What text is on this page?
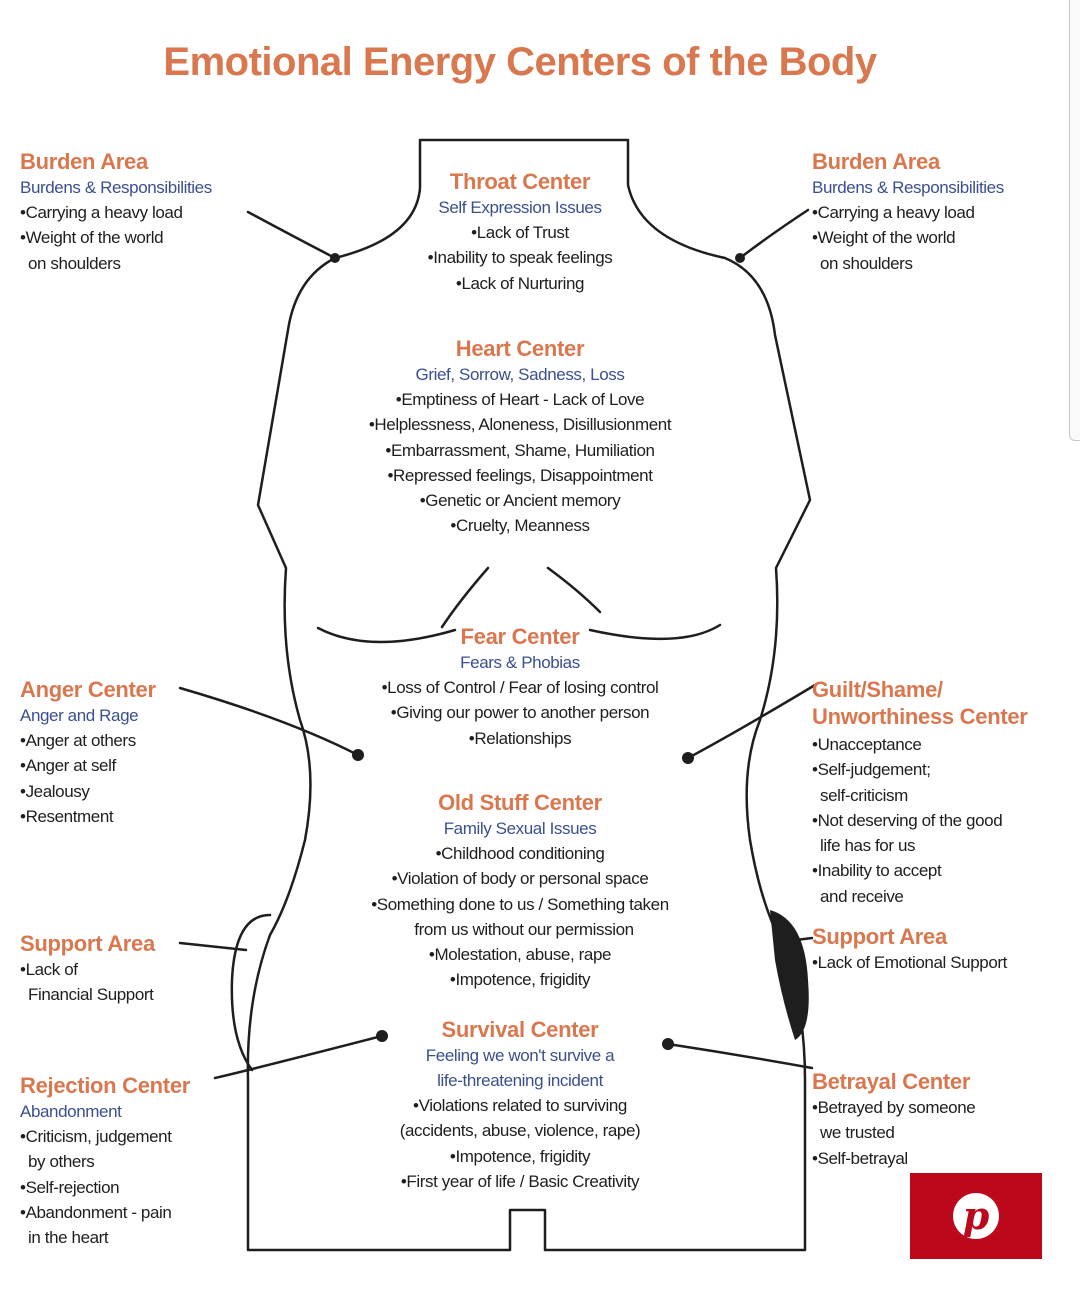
Emotional Energy Centers of the Body
Burden Area
Burdens & Responsibilities
• Carrying a heavy load
• Weight of the world
on shoulders
Burden Area
Burdens & Responsibilities
• Carrying a heavy load
• Weight of the world
on shoulders
Throat Center
Self Expression Issues
• Lack of Trust
• Inability to speak feelings
• Lack of Nurturing
Heart Center
Grief, Sorrow, Sadness, Loss
• Emptiness of Heart - Lack of Love
• Helplessness, Aloneness, Disillusionment
• Embarrassment, Shame, Humiliation
• Repressed feelings, Disappointment
• Genetic or Ancient memory
• Cruelty, Meanness
Fear Center
Fears & Phobias
• Loss of Control / Fear of losing control
• Giving our power to another person
• Relationships
Anger Center
Anger and Rage
• Anger at others
• Anger at self
• Jealousy
• Resentment
Guilt/Shame/
Unworthiness Center
• Unacceptance
• Self-judgement;
self-criticism
• Not deserving of the good
life has for us
• Inability to accept
and receive
Old Stuff Center
Family Sexual Issues
• Childhood conditioning
• Violation of body or personal space
• Something done to us / Something taken
from us without our permission
• Molestation, abuse, rape
• Impotence, frigidity
Support Area
• Lack of
Financial Support
Support Area
• Lack of Emotional Support
Survival Center
Feeling we won't survive a
life-threatening incident
• Violations related to surviving
(accidents, abuse, violence, rape)
• Impotence, frigidity
• First year of life / Basic Creativity
Rejection Center
Abandonment
• Criticism, judgement
by others
• Self-rejection
• Abandonment - pain
in the heart
Betrayal Center
• Betrayed by someone
we trusted
• Self-betrayal
p
